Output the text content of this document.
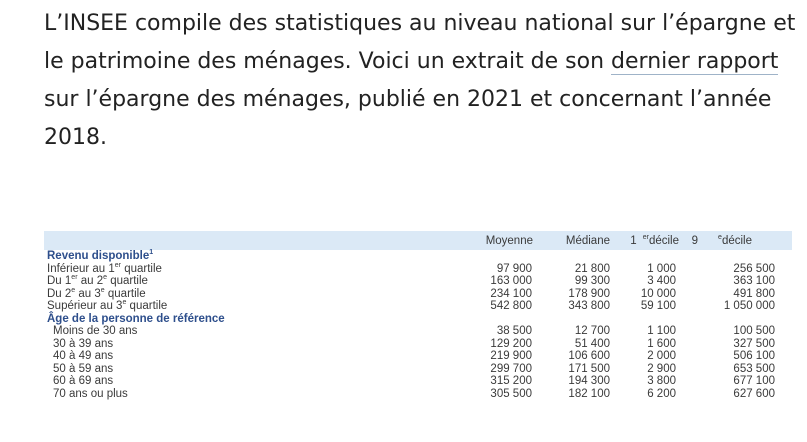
L’INSEE compile des statistiques au niveau national sur l’épargne et le patrimoine des ménages. Voici un extrait de son dernier rapport sur l’épargne des ménages, publié en 2021 et concernant l’année 2018.

	Moyenne	Médiane	1 $^{er}$décile	9 $^e$décile
Revenu disponible$^1$
Inférieur au 1er quartile	97 900	21 800	1 000	256 500
Du 1er au 2e quartile	163 000	99 300	3 400	363 100
Du 2e au 3e quartile	234 100	178 900	10 000	491 800
Supérieur au 3e quartile	542 800	343 800	59 100	1 050 000
Âge de la personne de référence				
Moins de 30 ans	38 500	12 700	1 100	100 500
30 à 39 ans	129 200	51 400	1 600	327 500
40 à 49 ans	219 900	106 600	2 000	506 100
50 à 59 ans	299 700	171 500	2 900	653 500
60 à 69 ans	315 200	194 300	3 800	677 100
70 ans ou plus	305 500	182 100	6 200	627 600
